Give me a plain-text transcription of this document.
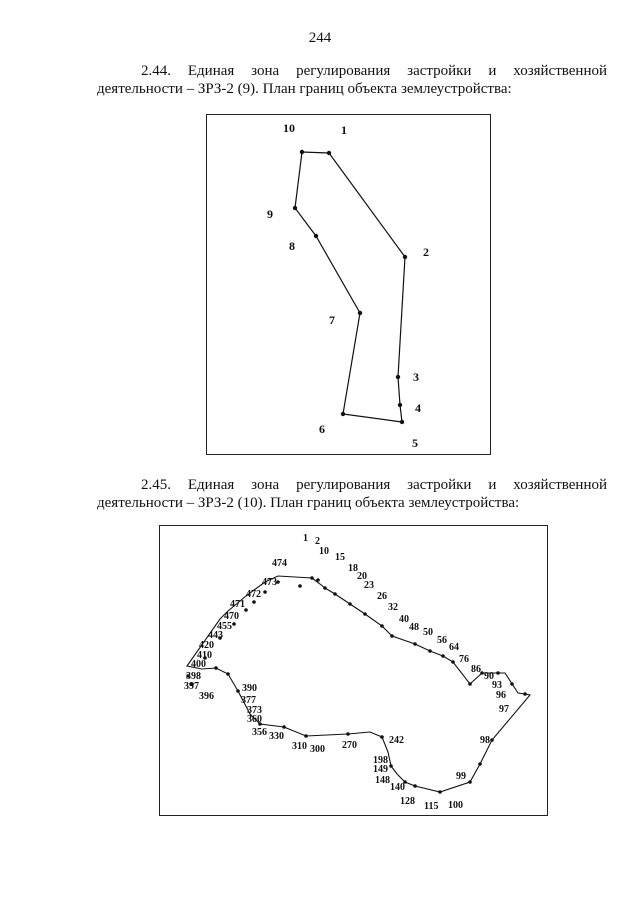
244
2.44. Единая зона регулирования застройки и хозяйственной
деятельности – ЗРЗ-2 (9). План границ объекта землеустройства:
1
2
3
4
5
6
7
8
9
10
2.45. Единая зона регулирования застройки и хозяйственной
деятельности – ЗРЗ-2 (10). План границ объекта землеустройства:
1 2
10
15
18
20
23
26
32
40
48 50
56
64
76
86
90
93
96
97
98
99
100
115
128
140
148
149
198
242
270
300
310
330
356
360
373
377
390
396
397
398
400
410
420
443
455
470
471
472
473
474
